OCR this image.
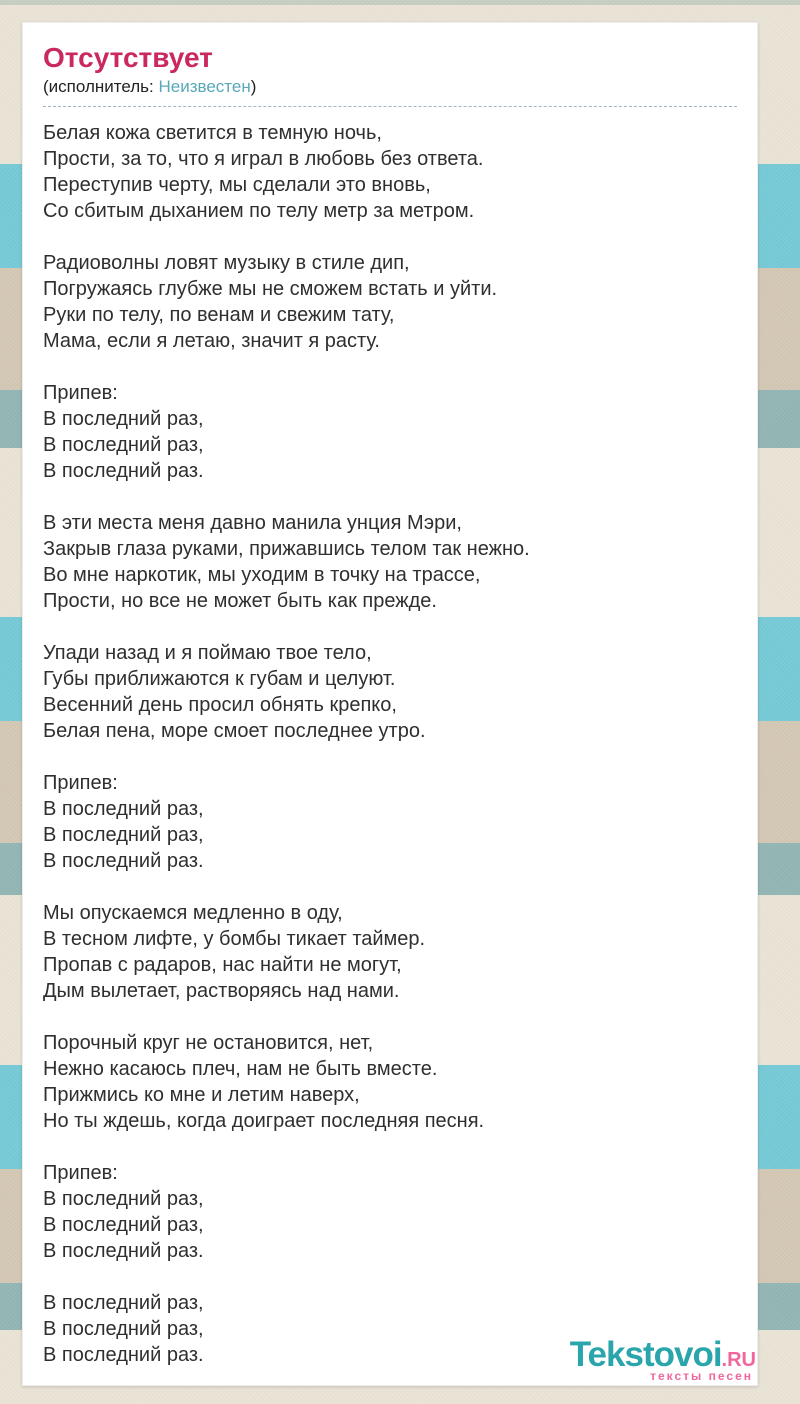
Отсутствует
(исполнитель: Неизвестен)
Белая кожа светится в темную ночь,
Прости, за то, что я играл в любовь без ответа.
Переступив черту, мы сделали это вновь,
Со сбитым дыханием по телу метр за метром.
Радиоволны ловят музыку в стиле дип,
Погружаясь глубже мы не сможем встать и уйти.
Руки по телу, по венам и свежим тату,
Мама, если я летаю, значит я расту.
Припев:
В последний раз,
В последний раз,
В последний раз.
В эти места меня давно манила унция Мэри,
Закрыв глаза руками, прижавшись телом так нежно.
Во мне наркотик, мы уходим в точку на трассе,
Прости, но все не может быть как прежде.
Упади назад и я поймаю твое тело,
Губы приближаются к губам и целуют.
Весенний день просил обнять крепко,
Белая пена, море смоет последнее утро.
Припев:
В последний раз,
В последний раз,
В последний раз.
Мы опускаемся медленно в оду,
В тесном лифте, у бомбы тикает таймер.
Пропав с радаров, нас найти не могут,
Дым вылетает, растворяясь над нами.
Порочный круг не остановится, нет,
Нежно касаюсь плеч, нам не быть вместе.
Прижмись ко мне и летим наверх,
Но ты ждешь, когда доиграет последняя песня.
Припев:
В последний раз,
В последний раз,
В последний раз.
В последний раз,
В последний раз,
В последний раз.	Tekstovoi.RU
тексты песен
